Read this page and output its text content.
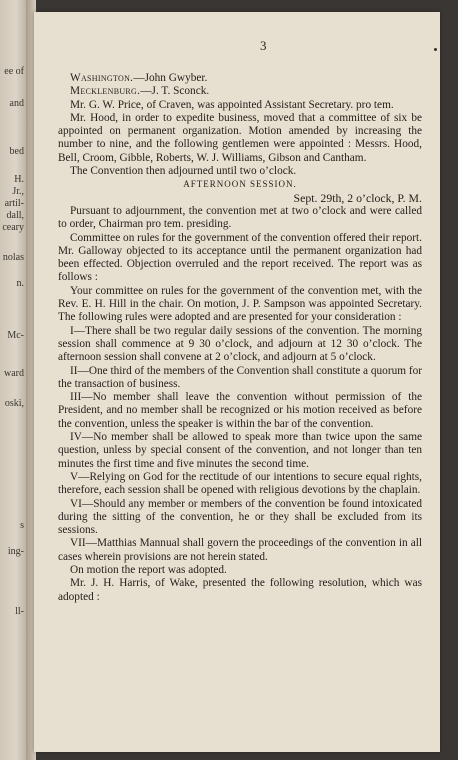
ee of
and
bed
H.
Jr.,
artil-
dall,
ceary
nolas
n.
Mc-
ward
oski,
s
ing-
ll-
3

Washington.—John Gwyber.

Mecklenburg.—J. T. Sconck.

Mr. G. W. Price, of Craven, was appointed Assistant Secretary. pro tem.

Mr. Hood, in order to expedite business, moved that a committee of six be appointed on permanent organization. Motion amended by increasing the number to nine, and the following gentlemen were appointed : Messrs. Hood, Bell, Croom, Gibble, Roberts, W. J. Williams, Gibson and Cantham.

The Convention then adjourned until two o’clock.

AFTERNOON SESSION.

Sept. 29th, 2 o’clock, P. M.

Pursuant to adjournment, the convention met at two o’clock and were called to order, Chairman pro tem. presiding.

Committee on rules for the government of the convention offered their report. Mr. Galloway objected to its acceptance until the permanent organization had been effected. Objection overruled and the report received. The report was as follows :

Your committee on rules for the government of the convention met, with the Rev. E. H. Hill in the chair. On motion, J. P. Sampson was appointed Secretary. The following rules were adopted and are presented for your consideration :

I—There shall be two regular daily sessions of the convention. The morning session shall commence at 9 30 o’clock, and adjourn at 12 30 o’clock. The afternoon session shall convene at 2 o’clock, and adjourn at 5 o’clock.

II—One third of the members of the Convention shall constitute a quorum for the transaction of business.

III—No member shall leave the convention without permission of the President, and no member shall be recognized or his motion received as before the convention, unless the speaker is within the bar of the convention.

IV—No member shall be allowed to speak more than twice upon the same question, unless by special consent of the convention, and not longer than ten minutes the first time and five minutes the second time.

V—Relying on God for the rectitude of our intentions to secure equal rights, therefore, each session shall be opened with religious devotions by the chaplain.

VI—Should any member or members of the convention be found intoxicated during the sitting of the convention, he or they shall be excluded from its sessions.

VII—Matthias Mannual shall govern the proceedings of the convention in all cases wherein provisions are not herein stated.

On motion the report was adopted.

Mr. J. H. Harris, of Wake, presented the following resolution, which was adopted :
